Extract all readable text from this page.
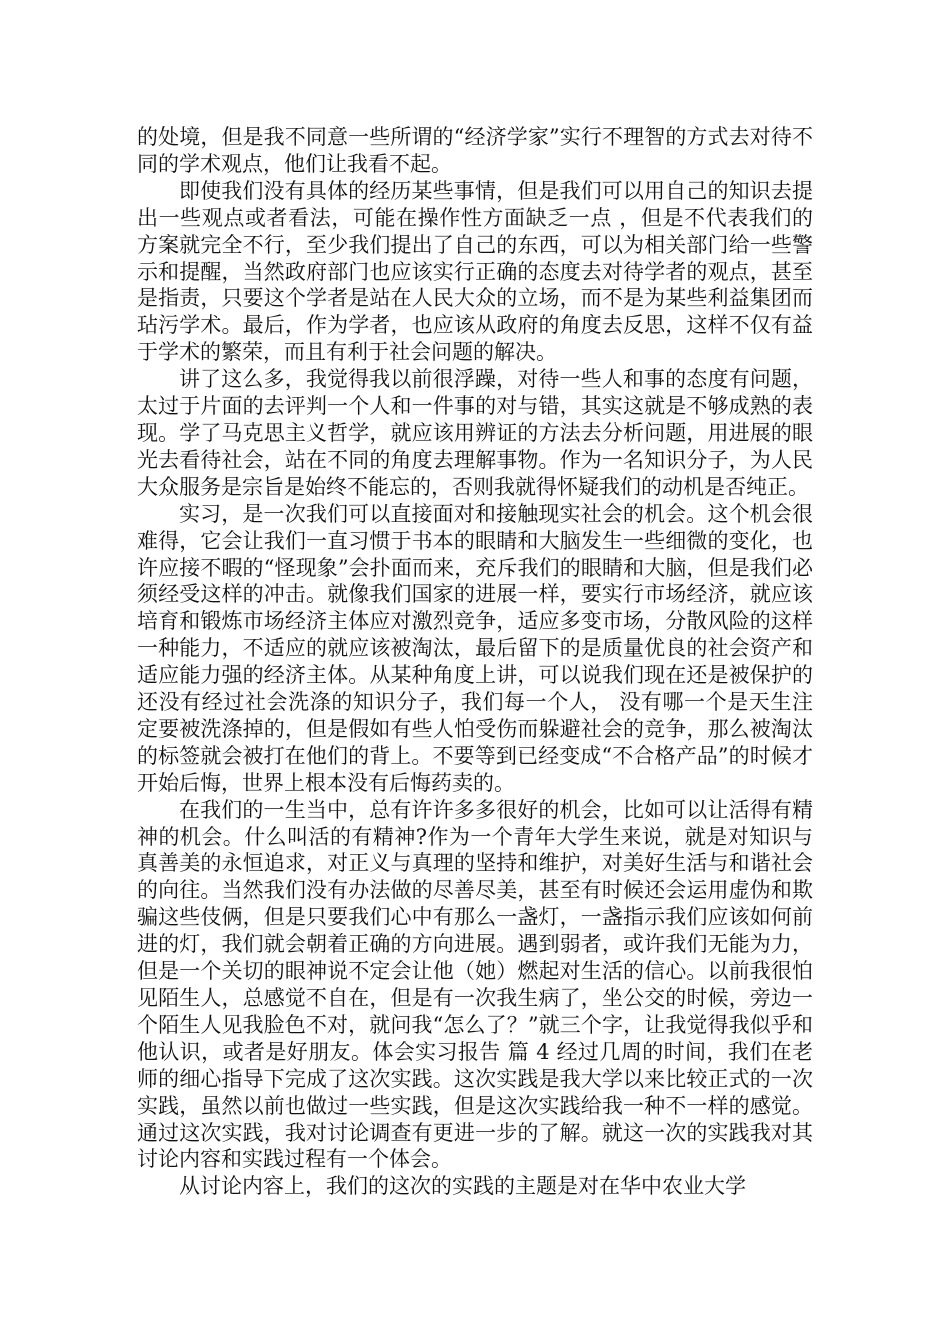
的处境，但是我不同意一些所谓的“经济学家”实行不理智的方式去对待不同的学术观点，他们让我看不起。

即使我们没有具体的经历某些事情，但是我们可以用自己的知识去提出一些观点或者看法，可能在操作性方面缺乏一点 ，但是不代表我们的方案就完全不行，至少我们提出了自己的东西，可以为相关部门给一些警示和提醒，当然政府部门也应该实行正确的态度去对待学者的观点，甚至是指责，只要这个学者是站在人民大众的立场，而不是为某些利益集团而玷污学术。最后，作为学者，也应该从政府的角度去反思，这样不仅有益于学术的繁荣，而且有利于社会问题的解决。

讲了这么多，我觉得我以前很浮躁，对待一些人和事的态度有问题，太过于片面的去评判一个人和一件事的对与错，其实这就是不够成熟的表现。学了马克思主义哲学，就应该用辨证的方法去分析问题，用进展的眼光去看待社会，站在不同的角度去理解事物。作为一名知识分子，为人民大众服务是宗旨是始终不能忘的，否则我就得怀疑我们的动机是否纯正。

实习，是一次我们可以直接面对和接触现实社会的机会。这个机会很难得，它会让我们一直习惯于书本的眼睛和大脑发生一些细微的变化，也许应接不暇的“怪现象”会扑面而来，充斥我们的眼睛和大脑，但是我们必须经受这样的冲击。就像我们国家的进展一样，要实行市场经济，就应该培育和锻炼市场经济主体应对激烈竞争，适应多变市场，分散风险的这样一种能力，不适应的就应该被淘汰，最后留下的是质量优良的社会资产和适应能力强的经济主体。从某种角度上讲，可以说我们现在还是被保护的还没有经过社会洗涤的知识分子，我们每一个人， 没有哪一个是天生注定要被洗涤掉的，但是假如有些人怕受伤而躲避社会的竞争，那么被淘汰的标签就会被打在他们的背上。不要等到已经变成“不合格产品”的时候才开始后悔，世界上根本没有后悔药卖的。

在我们的一生当中，总有许许多多很好的机会，比如可以让活得有精神的机会。什么叫活的有精神?作为一个青年大学生来说，就是对知识与真善美的永恒追求，对正义与真理的坚持和维护，对美好生活与和谐社会的向往。当然我们没有办法做的尽善尽美，甚至有时候还会运用虚伪和欺骗这些伎俩，但是只要我们心中有那么一盏灯，一盏指示我们应该如何前进的灯，我们就会朝着正确的方向进展。遇到弱者，或许我们无能为力，但是一个关切的眼神说不定会让他（她）燃起对生活的信心。以前我很怕见陌生人，总感觉不自在，但是有一次我生病了，坐公交的时候，旁边一个陌生人见我脸色不对，就问我“怎么了？”就三个字，让我觉得我似乎和他认识，或者是好朋友。体会实习报告 篇 4 经过几周的时间，我们在老师的细心指导下完成了这次实践。这次实践是我大学以来比较正式的一次实践，虽然以前也做过一些实践，但是这次实践给我一种不一样的感觉。通过这次实践，我对讨论调查有更进一步的了解。就这一次的实践我对其讨论内容和实践过程有一个体会。

从讨论内容上，我们的这次的实践的主题是对在华中农业大学
